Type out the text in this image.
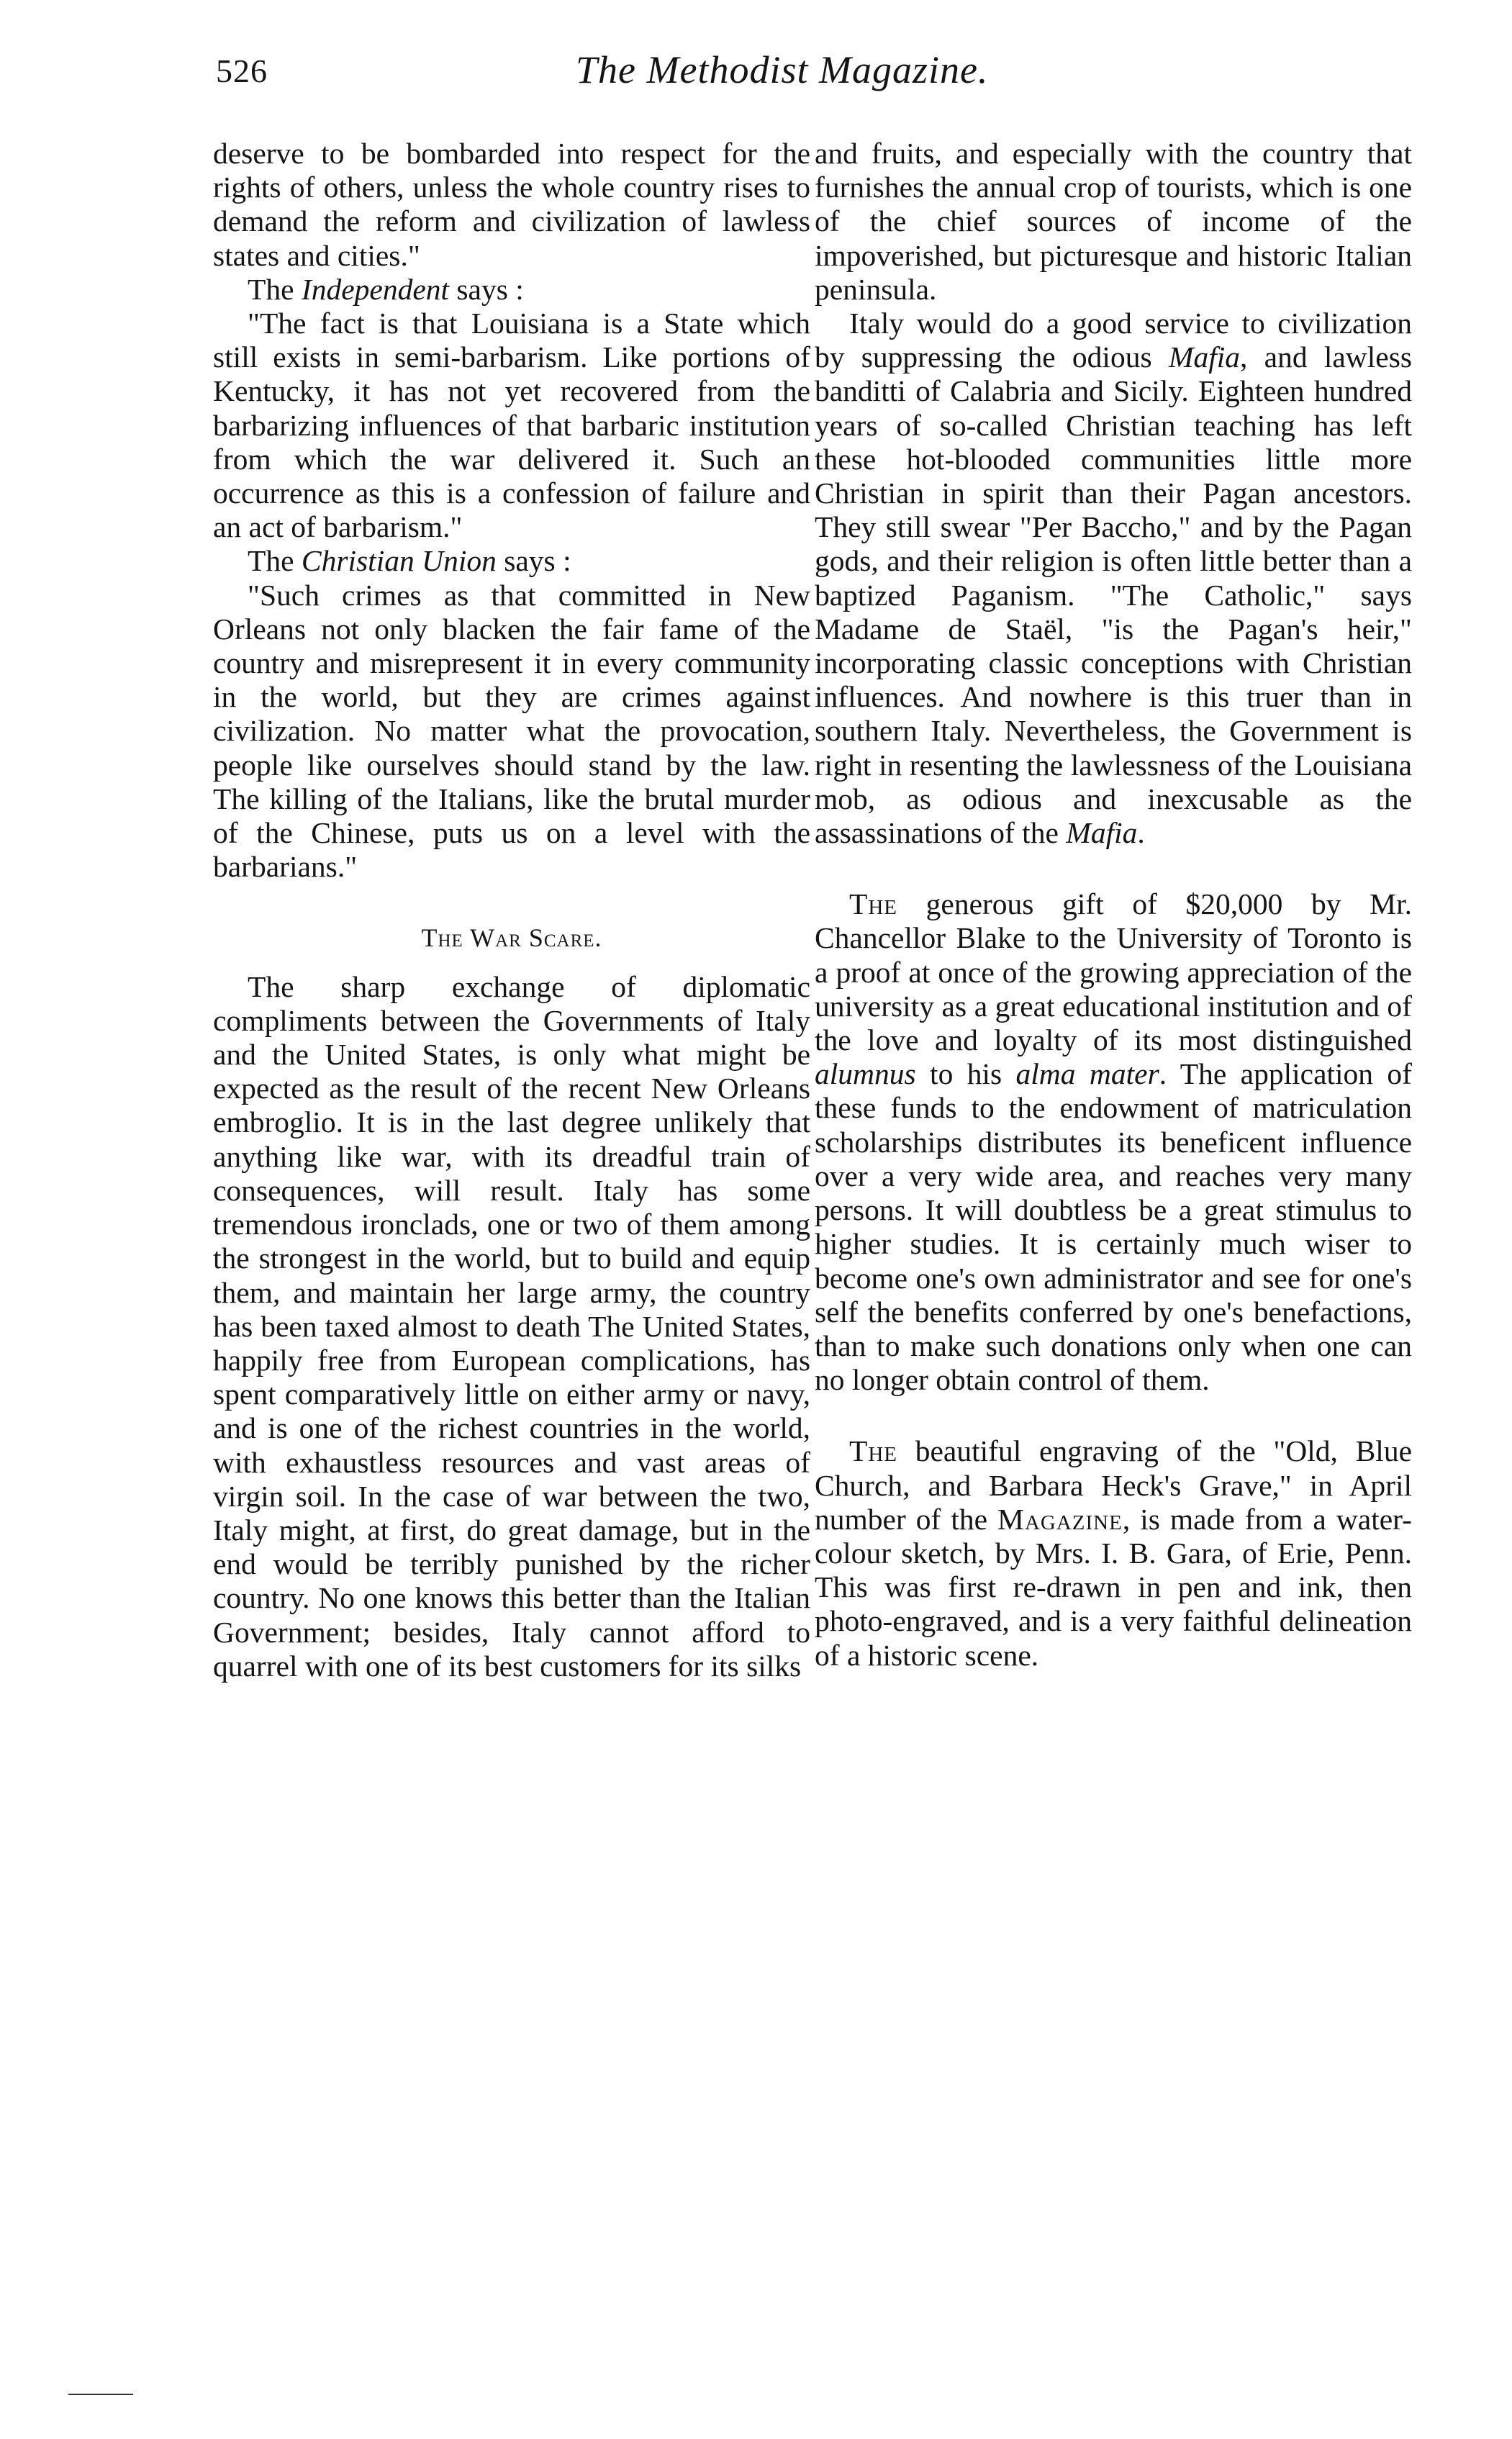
526	The Methodist Magazine.

deserve to be bombarded into respect for the rights of others, unless the whole country rises to demand the reform and civilization of lawless states and cities."

The Independent says :

"The fact is that Louisiana is a State which still exists in semi-barbarism. Like portions of Kentucky, it has not yet recovered from the barbarizing influences of that barbaric institution from which the war delivered it. Such an occurrence as this is a confession of failure and an act of barbarism."

The Christian Union says :

"Such crimes as that committed in New Orleans not only blacken the fair fame of the country and misrepresent it in every community in the world, but they are crimes against civilization. No matter what the provocation, people like ourselves should stand by the law. The killing of the Italians, like the brutal murder of the Chinese, puts us on a level with the barbarians."

The War Scare.

The sharp exchange of diplomatic compliments between the Governments of Italy and the United States, is only what might be expected as the result of the recent New Orleans embroglio. It is in the last degree unlikely that anything like war, with its dreadful train of consequences, will result. Italy has some tremendous ironclads, one or two of them among the strongest in the world, but to build and equip them, and maintain her large army, the country has been taxed almost to death The United States, happily free from European complications, has spent comparatively little on either army or navy, and is one of the richest countries in the world, with exhaustless resources and vast areas of virgin soil. In the case of war between the two, Italy might, at first, do great damage, but in the end would be terribly punished by the richer country. No one knows this better than the Italian Government; besides, Italy cannot afford to quarrel with one of its best customers for its silks

and fruits, and especially with the country that furnishes the annual crop of tourists, which is one of the chief sources of income of the impoverished, but picturesque and historic Italian peninsula.

Italy would do a good service to civilization by suppressing the odious Mafia, and lawless banditti of Calabria and Sicily. Eighteen hundred years of so-called Christian teaching has left these hot-blooded communities little more Christian in spirit than their Pagan ancestors. They still swear "Per Baccho," and by the Pagan gods, and their religion is often little better than a baptized Paganism. "The Catholic," says Madame de Staël, "is the Pagan's heir," incorporating classic conceptions with Christian influences. And nowhere is this truer than in southern Italy. Nevertheless, the Government is right in resenting the lawlessness of the Louisiana mob, as odious and inexcusable as the assassinations of the Mafia.

The generous gift of $20,000 by Mr. Chancellor Blake to the University of Toronto is a proof at once of the growing appreciation of the university as a great educational institution and of the love and loyalty of its most distinguished alumnus to his alma mater. The application of these funds to the endowment of matriculation scholarships distributes its beneficent influence over a very wide area, and reaches very many persons. It will doubtless be a great stimulus to higher studies. It is certainly much wiser to become one's own administrator and see for one's self the benefits conferred by one's benefactions, than to make such donations only when one can no longer obtain control of them.

The beautiful engraving of the "Old, Blue Church, and Barbara Heck's Grave," in April number of the Magazine, is made from a water-colour sketch, by Mrs. I. B. Gara, of Erie, Penn. This was first re-drawn in pen and ink, then photo-engraved, and is a very faithful delineation of a historic scene.
